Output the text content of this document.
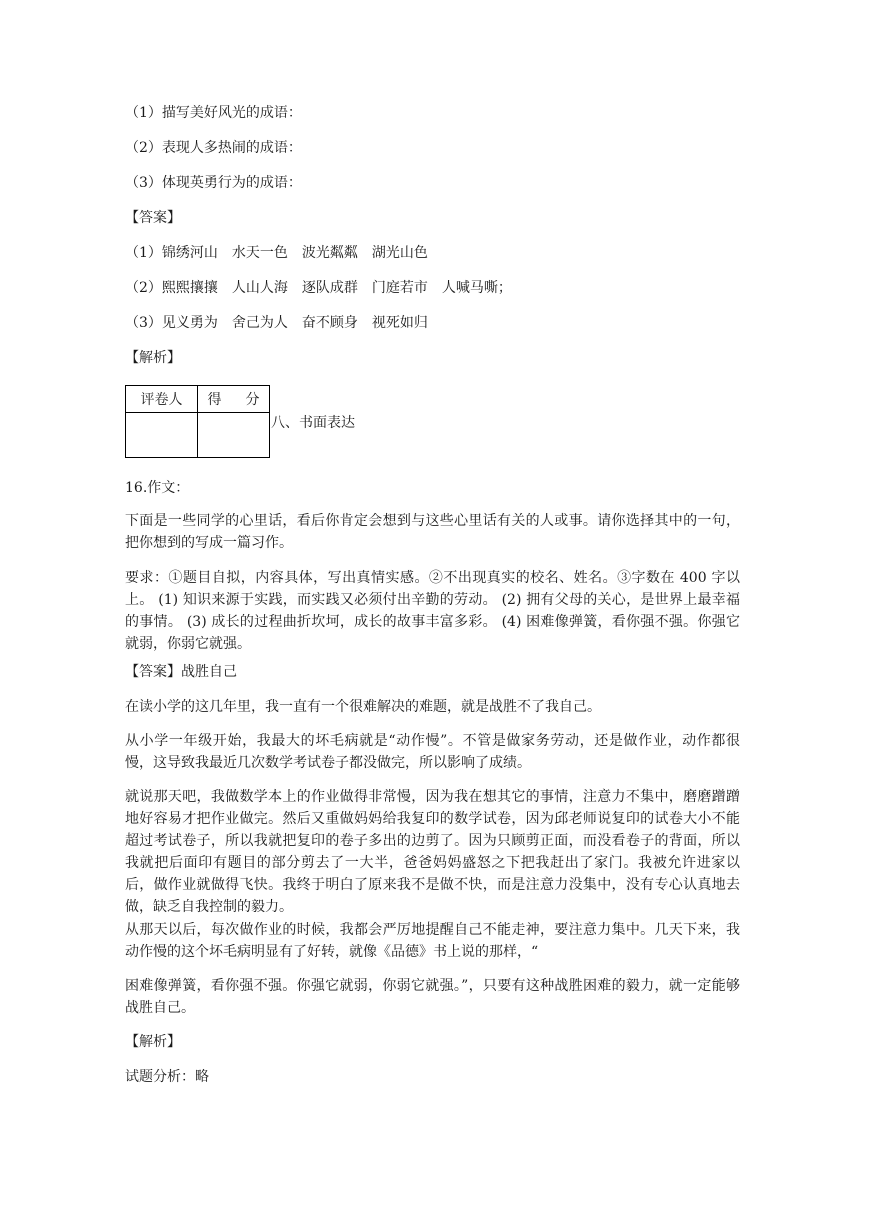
（1）描写美好风光的成语：
（2）表现人多热闹的成语：
（3）体现英勇行为的成语：
【答案】
（1）锦绣河山　水天一色　波光粼粼　湖光山色
（2）熙熙攘攘　人山人海　逐队成群　门庭若市　人喊马嘶；
（3）见义勇为　舍己为人　奋不顾身　视死如归
【解析】
评卷人	得 分

八、书面表达
16.作文：
下面是一些同学的心里话，看后你肯定会想到与这些心里话有关的人或事。请你选择其中的一句，把你想到的写成一篇习作。
要求：①题目自拟，内容具体，写出真情实感。②不出现真实的校名、姓名。③字数在 400 字以上。 (1) 知识来源于实践，而实践又必须付出辛勤的劳动。 (2) 拥有父母的关心，是世界上最幸福的事情。 (3) 成长的过程曲折坎坷，成长的故事丰富多彩。 (4) 困难像弹簧，看你强不强。你强它就弱，你弱它就强。
【答案】战胜自己
在读小学的这几年里，我一直有一个很难解决的难题，就是战胜不了我自己。
从小学一年级开始，我最大的坏毛病就是“动作慢”。不管是做家务劳动，还是做作业，动作都很慢，这导致我最近几次数学考试卷子都没做完，所以影响了成绩。
就说那天吧，我做数学本上的作业做得非常慢，因为我在想其它的事情，注意力不集中，磨磨蹭蹭地好容易才把作业做完。然后又重做妈妈给我复印的数学试卷，因为邱老师说复印的试卷大小不能超过考试卷子，所以我就把复印的卷子多出的边剪了。因为只顾剪正面，而没看卷子的背面，所以我就把后面印有题目的部分剪去了一大半，爸爸妈妈盛怒之下把我赶出了家门。我被允许进家以后，做作业就做得飞快。我终于明白了原来我不是做不快，而是注意力没集中，没有专心认真地去做，缺乏自我控制的毅力。
从那天以后，每次做作业的时候，我都会严厉地提醒自己不能走神，要注意力集中。几天下来，我动作慢的这个坏毛病明显有了好转，就像《品德》书上说的那样，“
困难像弹簧，看你强不强。你强它就弱，你弱它就强。”，只要有这种战胜困难的毅力，就一定能够战胜自己。
【解析】
试题分析：略
